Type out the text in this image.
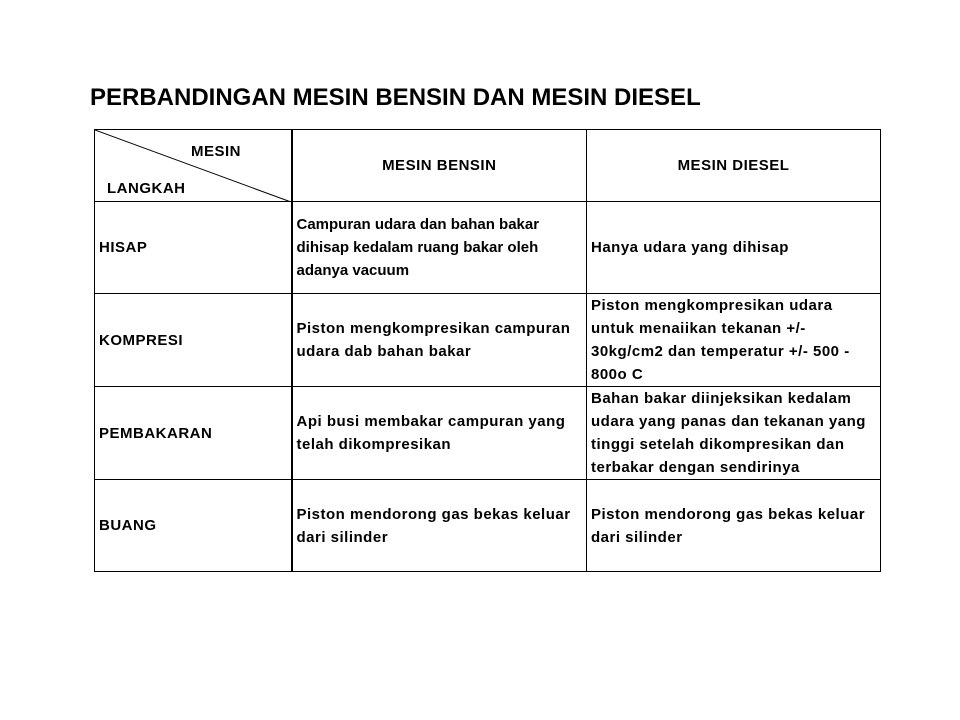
PERBANDINGAN MESIN BENSIN DAN MESIN DIESEL
MESIN
LANGKAH	MESIN BENSIN	MESIN DIESEL
HISAP	Campuran udara dan bahan bakar dihisap kedalam ruang bakar oleh adanya vacuum	Hanya udara yang dihisap
KOMPRESI	Piston mengkompresikan campuran udara dab bahan bakar	Piston mengkompresikan udara untuk menaiikan tekanan +/- 30kg/cm2 dan temperatur +/- 500 - 800o C
PEMBAKARAN	Api busi membakar campuran yang telah dikompresikan	Bahan bakar diinjeksikan kedalam udara yang panas dan tekanan yang tinggi setelah dikompresikan dan terbakar dengan sendirinya
BUANG	Piston mendorong gas bekas keluar dari silinder	Piston mendorong gas bekas keluar dari silinder
